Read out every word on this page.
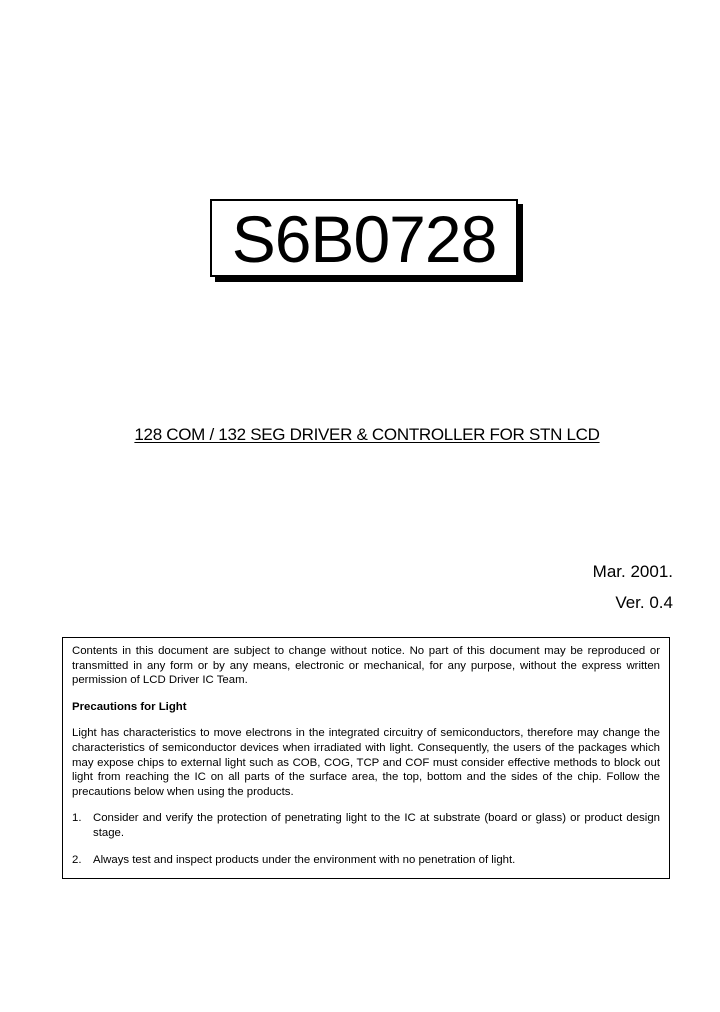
S6B0728
128 COM / 132 SEG DRIVER & CONTROLLER FOR STN LCD
Mar. 2001.
Ver. 0.4

Contents in this document are subject to change without notice. No part of this document may be reproduced or transmitted in any form or by any means, electronic or mechanical, for any purpose, without the express written permission of LCD Driver IC Team.

Precautions for Light

Light has characteristics to move electrons in the integrated circuitry of semiconductors, therefore may change the characteristics of semiconductor devices when irradiated with light. Consequently, the users of the packages which may expose chips to external light such as COB, COG, TCP and COF must consider effective methods to block out light from reaching the IC on all parts of the surface area, the top, bottom and the sides of the chip. Follow the precautions below when using the products.

1.	Consider and verify the protection of penetrating light to the IC at substrate (board or glass) or product design stage.
2.	Always test and inspect products under the environment with no penetration of light.
